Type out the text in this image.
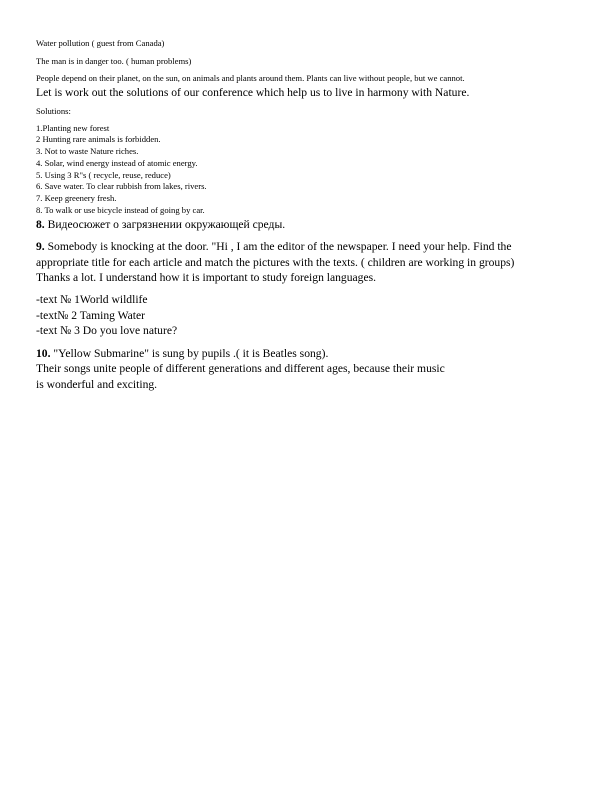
Water pollution ( guest from Canada)
The man is in danger too. ( human problems)
People depend on their planet, on the sun, on animals and plants around them. Plants can live without people, but we cannot.
Let is work out the solutions of our conference which help us to live in harmony with Nature.
Solutions:
1.Planting new forest
2 Hunting rare animals is forbidden.
3. Not to waste Nature riches.
4. Solar, wind energy instead of atomic energy.
5. Using 3 R"s ( recycle, reuse, reduce)
6. Save water. To clear rubbish from lakes, rivers.
7. Keep greenery fresh.
8. To walk or use bicycle instead of going by car.
8. Видеосюжет о загрязнении окружающей среды.
9. Somebody is knocking at the door. "Hi , I am the editor of the newspaper. I need your help. Find the
appropriate title for each article and match the pictures with the texts. ( children are working in groups)
Thanks a lot. I understand how it is important to study foreign languages.
-text № 1World wildlife
-text№ 2 Taming Water
-text № 3 Do you love nature?
10. "Yellow Submarine" is sung by pupils .( it is Beatles song).
Their songs unite people of different generations and different ages, because their music
is wonderful and exciting.
